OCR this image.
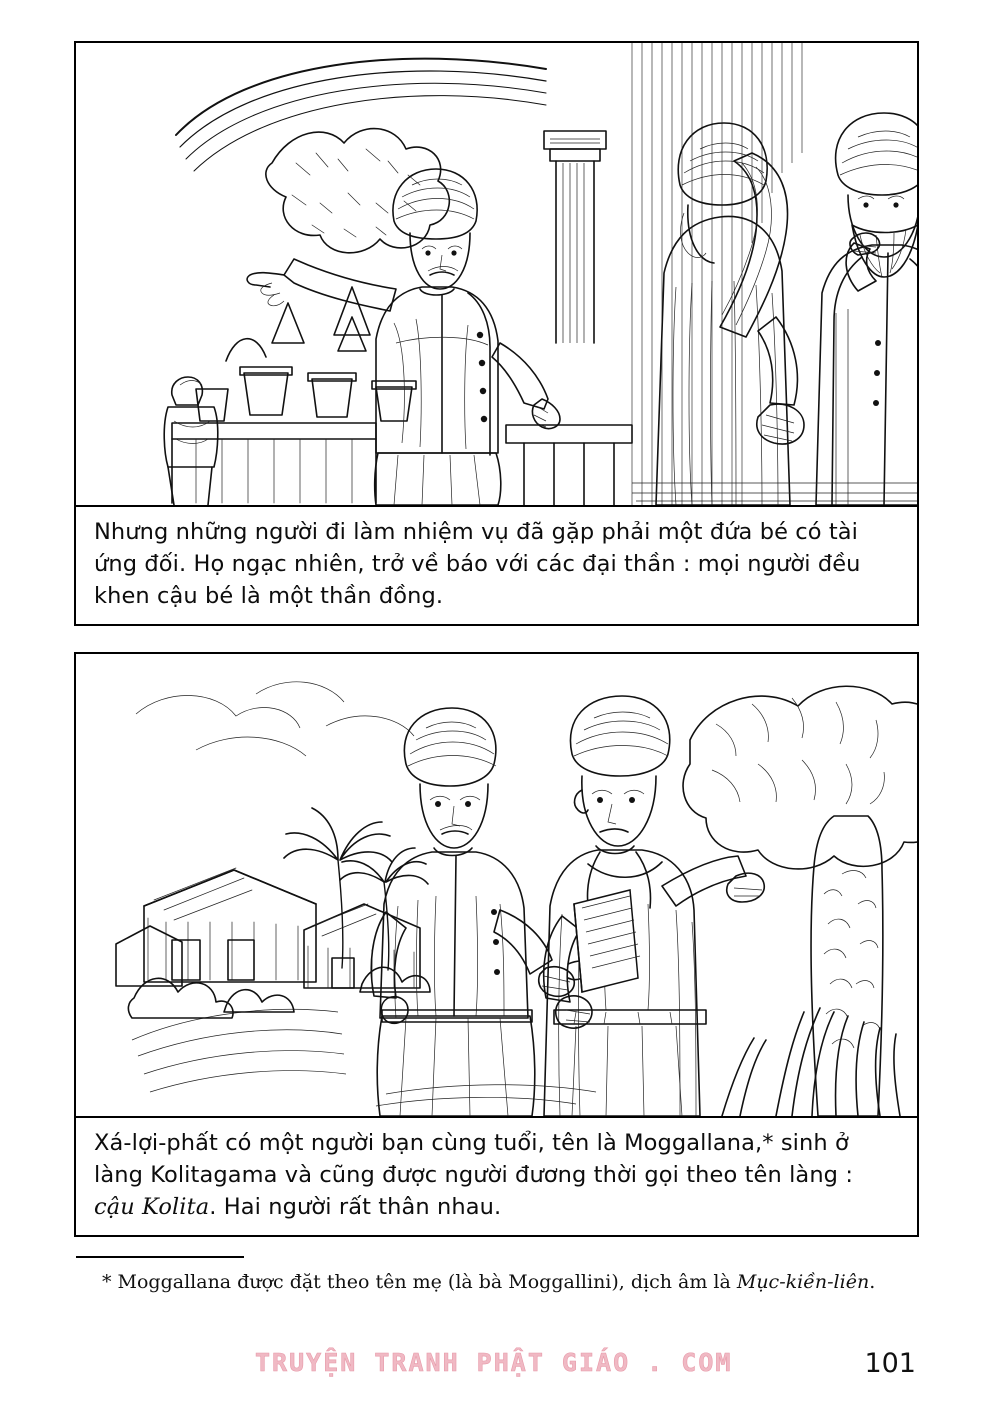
Nhưng những người đi làm nhiệm vụ đã gặp phải một đứa bé có tài ứng đối. Họ ngạc nhiên, trở về báo với các đại thần : mọi người đều khen cậu bé là một thần đồng.
Xá-lợi-phất có một người bạn cùng tuổi, tên là Moggallana,* sinh ở làng Kolitagama và cũng được người đương thời gọi theo tên làng : cậu Kolita. Hai người rất thân nhau.
* Moggallana được đặt theo tên mẹ (là bà Moggallini), dịch âm là Mục-kiền-liên.
TRUYỆN TRANH PHẬT GIÁO . COM	101
